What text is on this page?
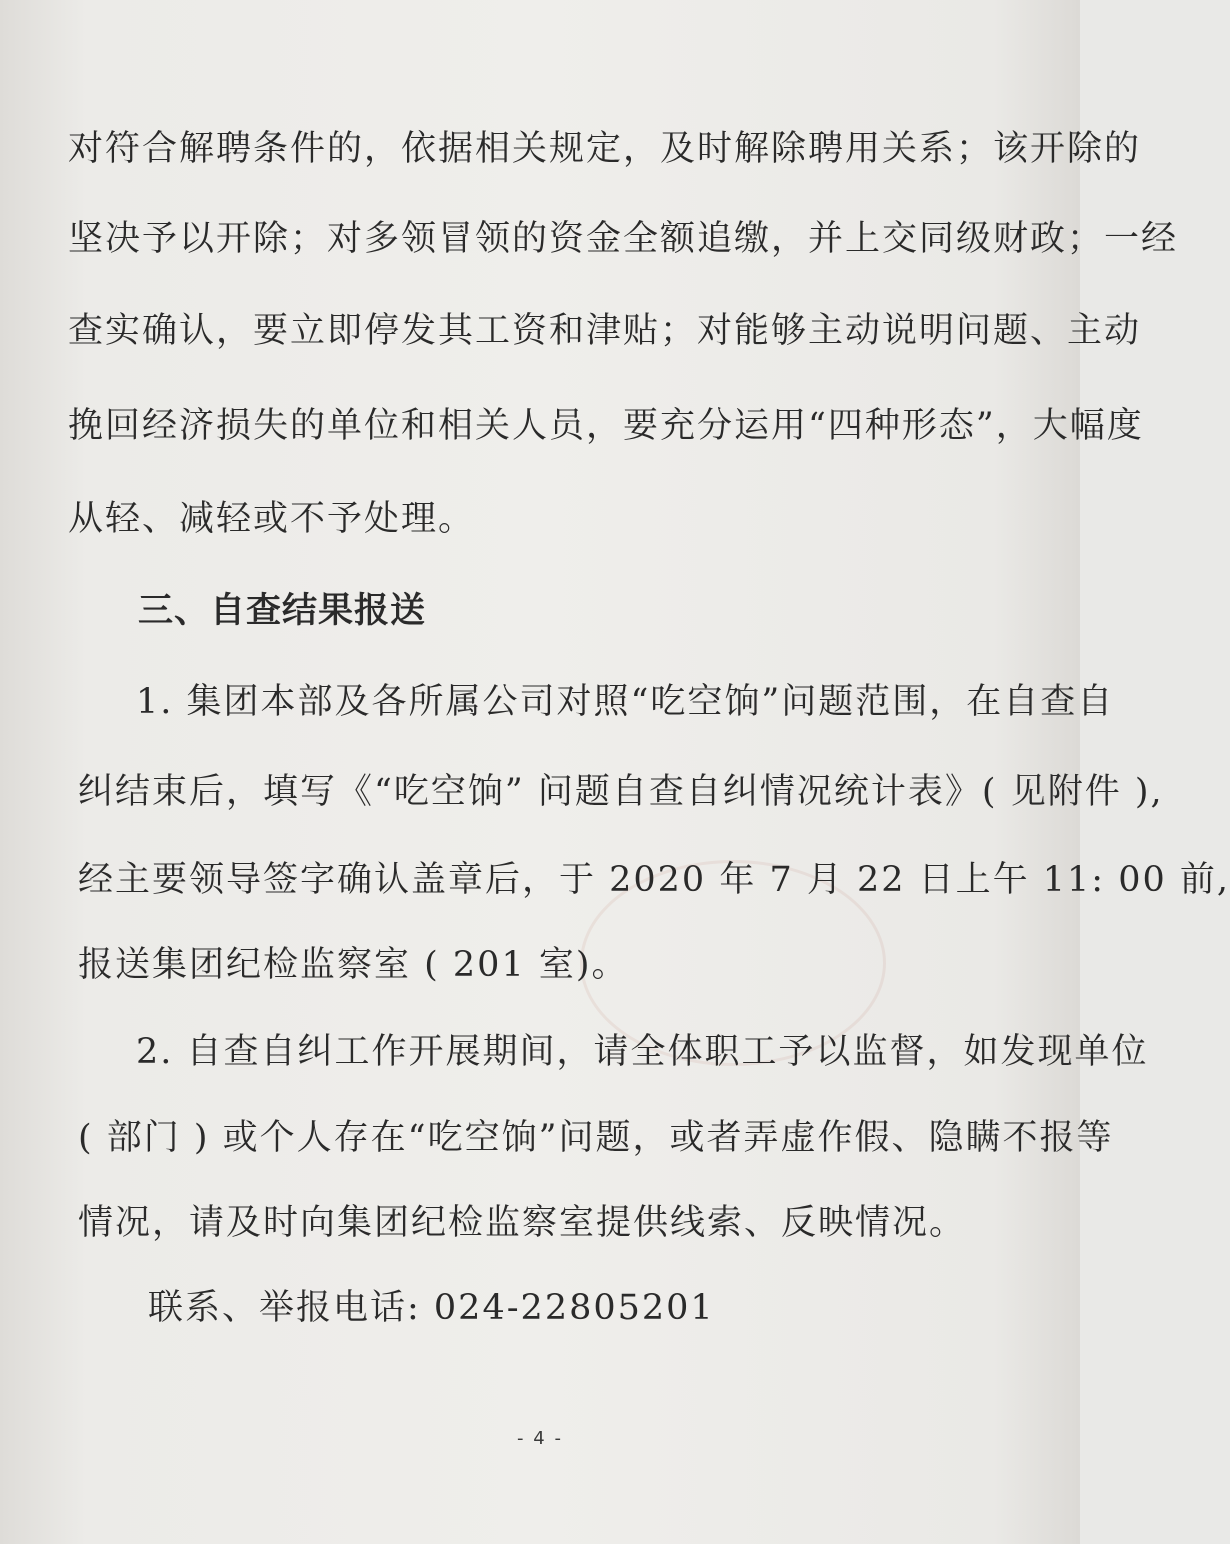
对符合解聘条件的，依据相关规定，及时解除聘用关系；该开除的
坚决予以开除；对多领冒领的资金全额追缴，并上交同级财政；一经
查实确认，要立即停发其工资和津贴；对能够主动说明问题、主动
挽回经济损失的单位和相关人员，要充分运用“四种形态”，大幅度
从轻、减轻或不予处理。
三、自查结果报送
1. 集团本部及各所属公司对照“吃空饷”问题范围，在自查自
纠结束后，填写《“吃空饷” 问题自查自纠情况统计表》( 见附件 ),
经主要领导签字确认盖章后，于 2020 年 7 月 22 日上午 11: 00 前,
报送集团纪检监察室 ( 201 室)。
2. 自查自纠工作开展期间，请全体职工予以监督，如发现单位
( 部门 ) 或个人存在“吃空饷”问题，或者弄虚作假、隐瞒不报等
情况，请及时向集团纪检监察室提供线索、反映情况。
联系、举报电话: 024-22805201
- 4 -
